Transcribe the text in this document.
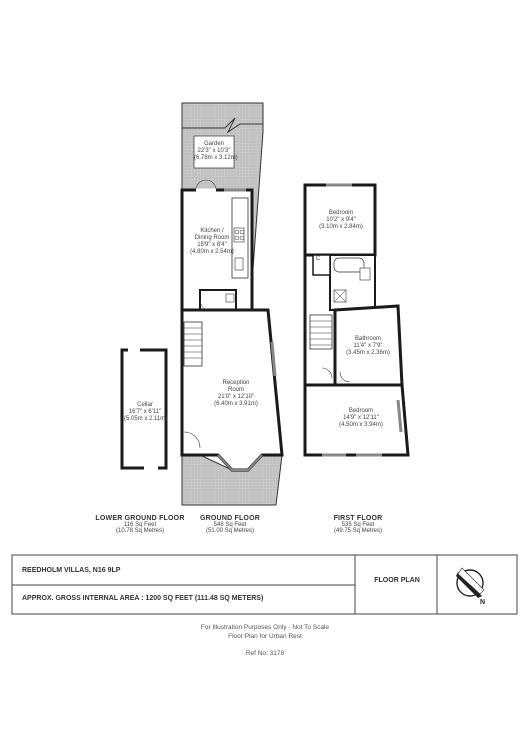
N
Garden
22'3" x 10'3"
(6.78m x 3.12m)
Kitchen /
Dining Room
15'9" x 8'4"
(4.80m x 2.54m)
Reception
Room
21'0" x 12'10"
(6.40m x 3.91m)
Cellar
16'7" x 6'11"
(5.05m x 2.11m)
Bedroom
10'2" x 9'4"
(3.10m x 2.84m)
C
Bathroom
11'4" x 7'9"
(3.45m x 2.36m)
Bedroom
14'9" x 12'11"
(4.50m x 3.94m)
LOWER GROUND FLOOR
116 Sq Feet
(10.78 Sq Metres)
GROUND FLOOR
548 Sq Feet
(51.00 Sq Metres)
FIRST FLOOR
535 Sq Feet
(49.75 Sq Metres)
REEDHOLM VILLAS, N16 9LP
APPROX. GROSS INTERNAL AREA : 1200 SQ FEET (111.48 SQ METERS)
FLOOR PLAN
For Illustration Purposes Only - Not To Scale
Floor Plan for Urban Rest
Ref No: 3178
